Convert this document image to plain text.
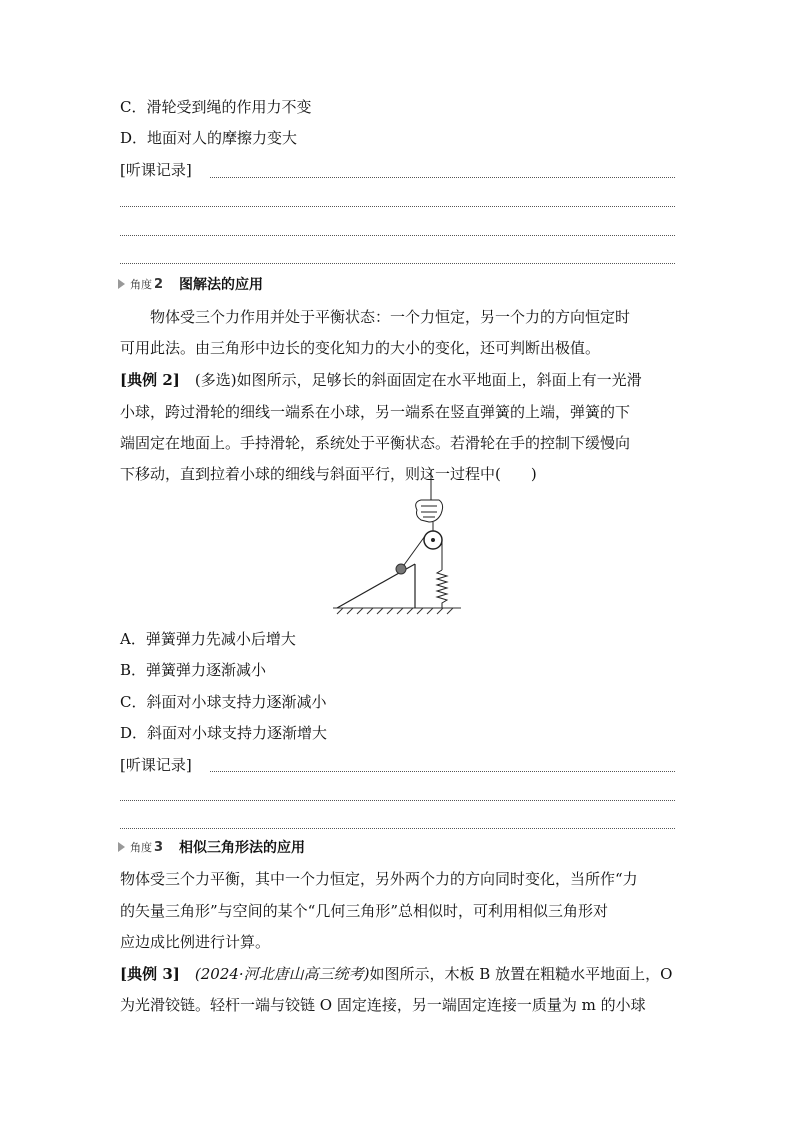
C．滑轮受到绳的作用力不变
D．地面对人的摩擦力变大
[听课记录]
角度 2 图解法的应用
物体受三个力作用并处于平衡状态：一个力恒定，另一个力的方向恒定时
可用此法。由三角形中边长的变化知力的大小的变化，还可判断出极值。
[典例 2]　(多选)如图所示，足够长的斜面固定在水平地面上，斜面上有一光滑
小球，跨过滑轮的细线一端系在小球，另一端系在竖直弹簧的上端，弹簧的下
端固定在地面上。手持滑轮，系统处于平衡状态。若滑轮在手的控制下缓慢向
下移动，直到拉着小球的细线与斜面平行，则这一过程中(　　)
A．弹簧弹力先减小后增大
B．弹簧弹力逐渐减小
C．斜面对小球支持力逐渐减小
D．斜面对小球支持力逐渐增大
[听课记录]
角度 3 相似三角形法的应用
物体受三个力平衡，其中一个力恒定，另外两个力的方向同时变化，当所作“力
的矢量三角形”与空间的某个“几何三角形”总相似时，可利用相似三角形对
应边成比例进行计算。
[典例 3]　 (2024·河北唐山高三统考)如图所示，木板 B 放置在粗糙水平地面上，O
为光滑铰链。轻杆一端与铰链 O 固定连接，另一端固定连接一质量为 m 的小球
